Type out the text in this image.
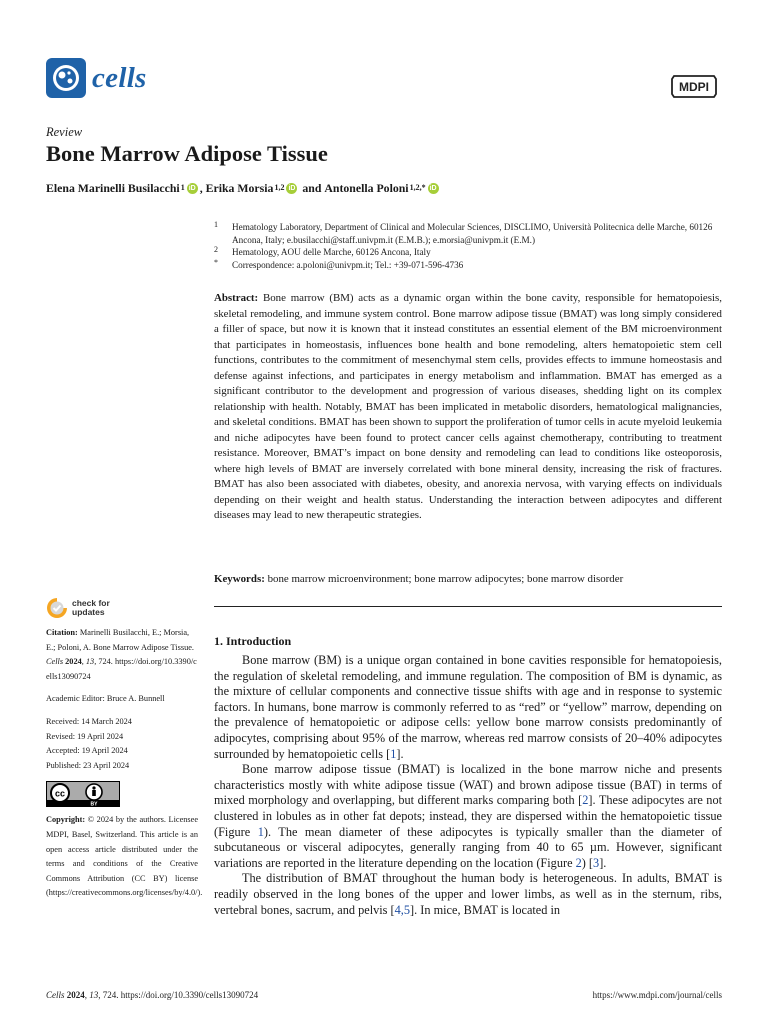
cells	MDPI
Review
Bone Marrow Adipose Tissue
Elena Marinelli Busilacchi$^1$ iD , Erika Morsia$^{1,2}$ iD and Antonella Poloni$^{1,2,*}$ iD
1 Hematology Laboratory, Department of Clinical and Molecular Sciences, DISCLIMO, Università Politecnica delle Marche, 60126 Ancona, Italy; e.busilacchi@staff.univpm.it (E.M.B.); e.morsia@univpm.it (E.M.)
2 Hematology, AOU delle Marche, 60126 Ancona, Italy
* Correspondence: a.poloni@univpm.it; Tel.: +39-071-596-4736
Abstract: Bone marrow (BM) acts as a dynamic organ within the bone cavity, responsible for hematopoiesis, skeletal remodeling, and immune system control. Bone marrow adipose tissue (BMAT) was long simply considered a filler of space, but now it is known that it instead constitutes an essential element of the BM microenvironment that participates in homeostasis, influences bone health and bone remodeling, alters hematopoietic stem cell functions, contributes to the commitment of mesenchymal stem cells, provides effects to immune homeostasis and defense against infections, and participates in energy metabolism and inflammation. BMAT has emerged as a significant contributor to the development and progression of various diseases, shedding light on its complex relationship with health. Notably, BMAT has been implicated in metabolic disorders, hematological malignancies, and skeletal conditions. BMAT has been shown to support the proliferation of tumor cells in acute myeloid leukemia and niche adipocytes have been found to protect cancer cells against chemotherapy, contributing to treatment resistance. Moreover, BMAT’s impact on bone density and remodeling can lead to conditions like osteoporosis, where high levels of BMAT are inversely correlated with bone mineral density, increasing the risk of fractures. BMAT has also been associated with diabetes, obesity, and anorexia nervosa, with varying effects on individuals depending on their weight and health status. Understanding the interaction between adipocytes and different diseases may lead to new therapeutic strategies.
Keywords: bone marrow microenvironment; bone marrow adipocytes; bone marrow disorder
check for
updates
Citation: Marinelli Busilacchi, E.; Morsia, E.; Poloni, A. Bone Marrow Adipose Tissue. Cells 2024, 13, 724. https://doi.org/10.3390/cells13090724
Academic Editor: Bruce A. Bunnell
Received: 14 March 2024
Revised: 19 April 2024
Accepted: 19 April 2024
Published: 23 April 2024
cc
BY
Copyright: © 2024 by the authors. Licensee MDPI, Basel, Switzerland. This article is an open access article distributed under the terms and conditions of the Creative Commons Attribution (CC BY) license (https://creativecommons.org/licenses/by/4.0/).
1. Introduction

Bone marrow (BM) is a unique organ contained in bone cavities responsible for hematopoiesis, the regulation of skeletal remodeling, and immune regulation. The composition of BM is dynamic, as the mixture of cellular components and connective tissue shifts with age and in response to systemic factors. In humans, bone marrow is commonly referred to as “red” or “yellow” marrow, depending on the prevalence of hematopoietic or adipose cells: yellow bone marrow consists predominantly of adipocytes, comprising about 95% of the marrow, whereas red marrow consists of 20–40% adipocytes surrounded by hematopoietic cells [1].

Bone marrow adipose tissue (BMAT) is localized in the bone marrow niche and presents characteristics mostly with white adipose tissue (WAT) and brown adipose tissue (BAT) in terms of mixed morphology and overlapping, but different marks comparing both [2]. These adipocytes are not clustered in lobules as in other fat depots; instead, they are dispersed within the hematopoietic tissue (Figure 1). The mean diameter of these adipocytes is typically smaller than the diameter of subcutaneous or visceral adipocytes, generally ranging from 40 to 65 µm. However, significant variations are reported in the literature depending on the location (Figure 2) [3].

The distribution of BMAT throughout the human body is heterogeneous. In adults, BMAT is readily observed in the long bones of the upper and lower limbs, as well as in the sternum, ribs, vertebral bones, sacrum, and pelvis [4,5]. In mice, BMAT is located in

Cells 2024, 13, 724. https://doi.org/10.3390/cells13090724	https://www.mdpi.com/journal/cells
